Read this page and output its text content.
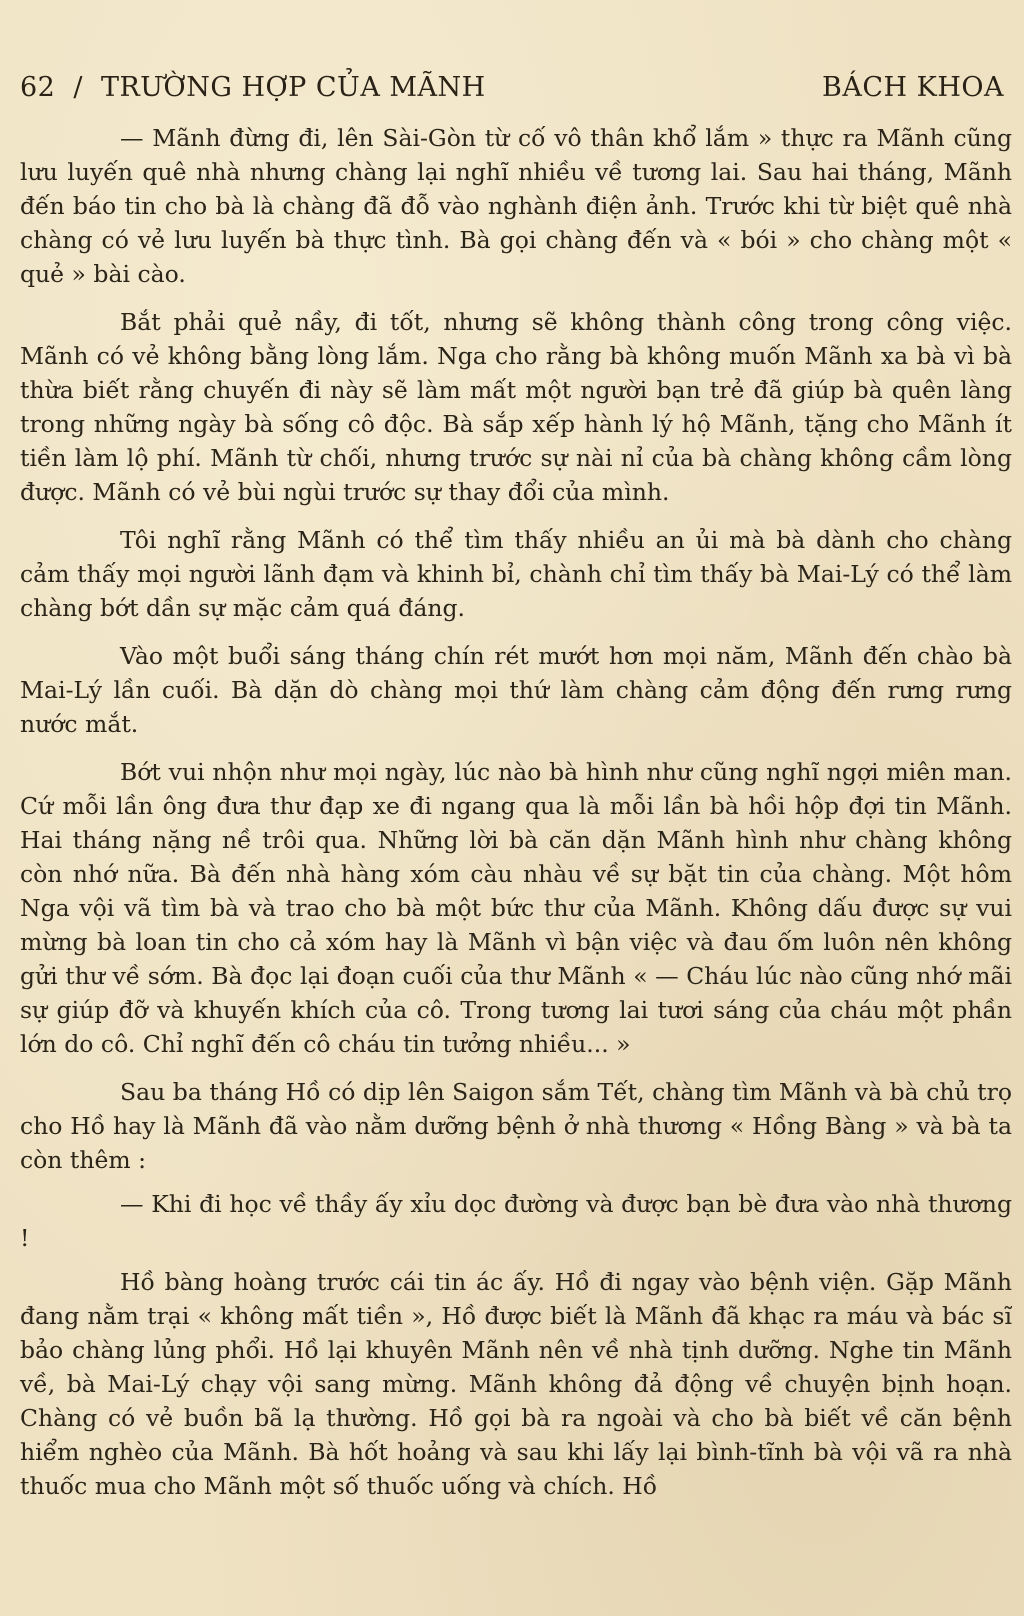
62 / TRƯỜNG HỢP CỦA MÃNH	BÁCH KHOA

— Mãnh đừng đi, lên Sài-Gòn từ cố vô thân khổ lắm » thực ra Mãnh cũng lưu luyến quê nhà nhưng chàng lại nghĩ nhiều về tương lai. Sau hai tháng, Mãnh đến báo tin cho bà là chàng đã đỗ vào nghành điện ảnh. Trước khi từ biệt quê nhà chàng có vẻ lưu luyến bà thực tình. Bà gọi chàng đến và « bói » cho chàng một « quẻ » bài cào.

Bắt phải quẻ nầy, đi tốt, nhưng sẽ không thành công trong công việc. Mãnh có vẻ không bằng lòng lắm. Nga cho rằng bà không muốn Mãnh xa bà vì bà thừa biết rằng chuyến đi này sẽ làm mất một người bạn trẻ đã giúp bà quên làng trong những ngày bà sống cô độc. Bà sắp xếp hành lý hộ Mãnh, tặng cho Mãnh ít tiền làm lộ phí. Mãnh từ chối, nhưng trước sự nài nỉ của bà chàng không cầm lòng được. Mãnh có vẻ bùi ngùi trước sự thay đổi của mình.

Tôi nghĩ rằng Mãnh có thể tìm thấy nhiều an ủi mà bà dành cho chàng cảm thấy mọi người lãnh đạm và khinh bỉ, chành chỉ tìm thấy bà Mai-Lý có thể làm chàng bớt dần sự mặc cảm quá đáng.

Vào một buổi sáng tháng chín rét mướt hơn mọi năm, Mãnh đến chào bà Mai-Lý lần cuối. Bà dặn dò chàng mọi thứ làm chàng cảm động đến rưng rưng nước mắt.

Bớt vui nhộn như mọi ngày, lúc nào bà hình như cũng nghĩ ngợi miên man. Cứ mỗi lần ông đưa thư đạp xe đi ngang qua là mỗi lần bà hồi hộp đợi tin Mãnh. Hai tháng nặng nề trôi qua. Những lời bà căn dặn Mãnh hình như chàng không còn nhớ nữa. Bà đến nhà hàng xóm càu nhàu về sự bặt tin của chàng. Một hôm Nga vội vã tìm bà và trao cho bà một bức thư của Mãnh. Không dấu được sự vui mừng bà loan tin cho cả xóm hay là Mãnh vì bận việc và đau ốm luôn nên không gửi thư về sớm. Bà đọc lại đoạn cuối của thư Mãnh « — Cháu lúc nào cũng nhớ mãi sự giúp đỡ và khuyến khích của cô. Trong tương lai tươi sáng của cháu một phần lớn do cô. Chỉ nghĩ đến cô cháu tin tưởng nhiều... »

Sau ba tháng Hồ có dịp lên Saigon sắm Tết, chàng tìm Mãnh và bà chủ trọ cho Hồ hay là Mãnh đã vào nằm dưỡng bệnh ở nhà thương « Hồng Bàng » và bà ta còn thêm :

— Khi đi học về thầy ấy xỉu dọc đường và được bạn bè đưa vào nhà thương !

Hồ bàng hoàng trước cái tin ác ấy. Hồ đi ngay vào bệnh viện. Gặp Mãnh đang nằm trại « không mất tiền », Hồ được biết là Mãnh đã khạc ra máu và bác sĩ bảo chàng lủng phổi. Hồ lại khuyên Mãnh nên về nhà tịnh dưỡng. Nghe tin Mãnh về, bà Mai-Lý chạy vội sang mừng. Mãnh không đả động về chuyện bịnh hoạn. Chàng có vẻ buồn bã lạ thường. Hồ gọi bà ra ngoài và cho bà biết về căn bệnh hiểm nghèo của Mãnh. Bà hốt hoảng và sau khi lấy lại bình-tĩnh bà vội vã ra nhà thuốc mua cho Mãnh một số thuốc uống và chích. Hồ
